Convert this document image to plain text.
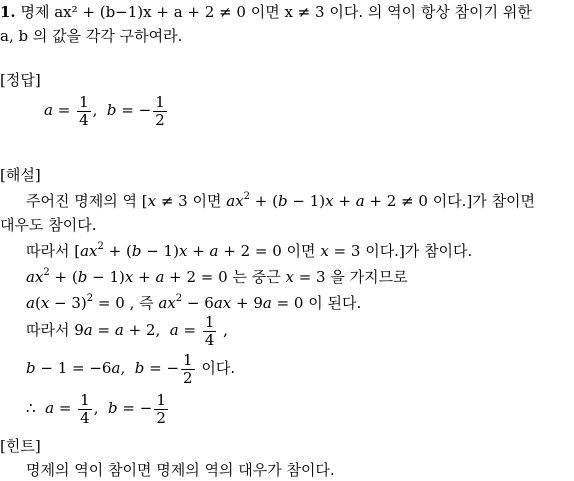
1. 명제 ax² + (b−1)x + a + 2 ≠ 0 이면 x ≠ 3 이다. 의 역이 항상 참이기 위한
a, b 의 값을 각각 구하여라.
[정답]
$a = \frac{1}{4}$ ,  b = − $\frac{1}{2}$
[해설]
주어진 명제의 역 [x ≠ 3 이면 $ax^2 + (b - 1)x + a + 2 \ne 0$ 이다.]가 참이면
대우도 참이다.
따라서 [$ax^2 + (b - 1)x + a + 2 = 0$ 이면 x = 3 이다.]가 참이다.
$ax^2 + (b - 1)x + a + 2 = 0$ 는 중근 x = 3 을 가지므로
$a(x - 3)^2 = 0$ , 즉 $ax^2 - 6ax + 9a = 0$ 이 된다.
따라서 9a = a + 2,  $a = \frac{1}{4}$ ,
b − 1 = −6a,  b = − $\frac{1}{2}$ 이다.
∴ $a = \frac{1}{4}$ ,  b = − $\frac{1}{2}$
[힌트]
명제의 역이 참이면 명제의 역의 대우가 참이다.
